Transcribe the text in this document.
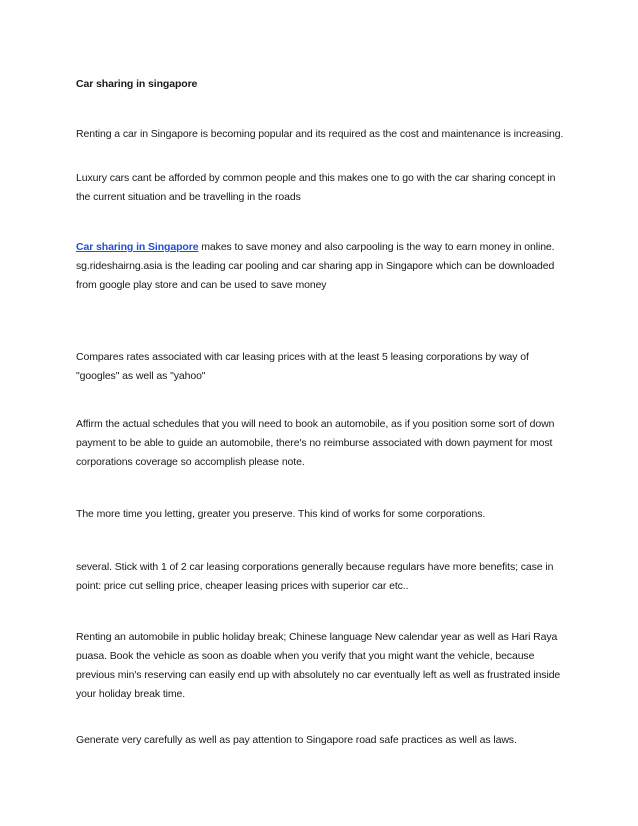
Car sharing in singapore

Renting a car in Singapore is becoming popular and its required as the cost and maintenance is increasing.

Luxury cars cant be afforded by common people and this makes one to go with the car sharing concept in the current situation and be travelling in the roads

Car sharing in Singapore makes to save money and also carpooling is the way to earn money in online. sg.rideshairng.asia is the leading car pooling and car sharing app in Singapore which can be downloaded from google play store and can be used to save money

Compares rates associated with car leasing prices with at the least 5 leasing corporations by way of "googles" as well as "yahoo"

Affirm the actual schedules that you will need to book an automobile, as if you position some sort of down payment to be able to guide an automobile, there's no reimburse associated with down payment for most corporations coverage so accomplish please note.

The more time you letting, greater you preserve. This kind of works for some corporations.

several. Stick with 1 of 2 car leasing corporations generally because regulars have more benefits; case in point: price cut selling price, cheaper leasing prices with superior car etc..

Renting an automobile in public holiday break; Chinese language New calendar year as well as Hari Raya puasa. Book the vehicle as soon as doable when you verify that you might want the vehicle, because previous min's reserving can easily end up with absolutely no car eventually left as well as frustrated inside your holiday break time.

Generate very carefully as well as pay attention to Singapore road safe practices as well as laws.
